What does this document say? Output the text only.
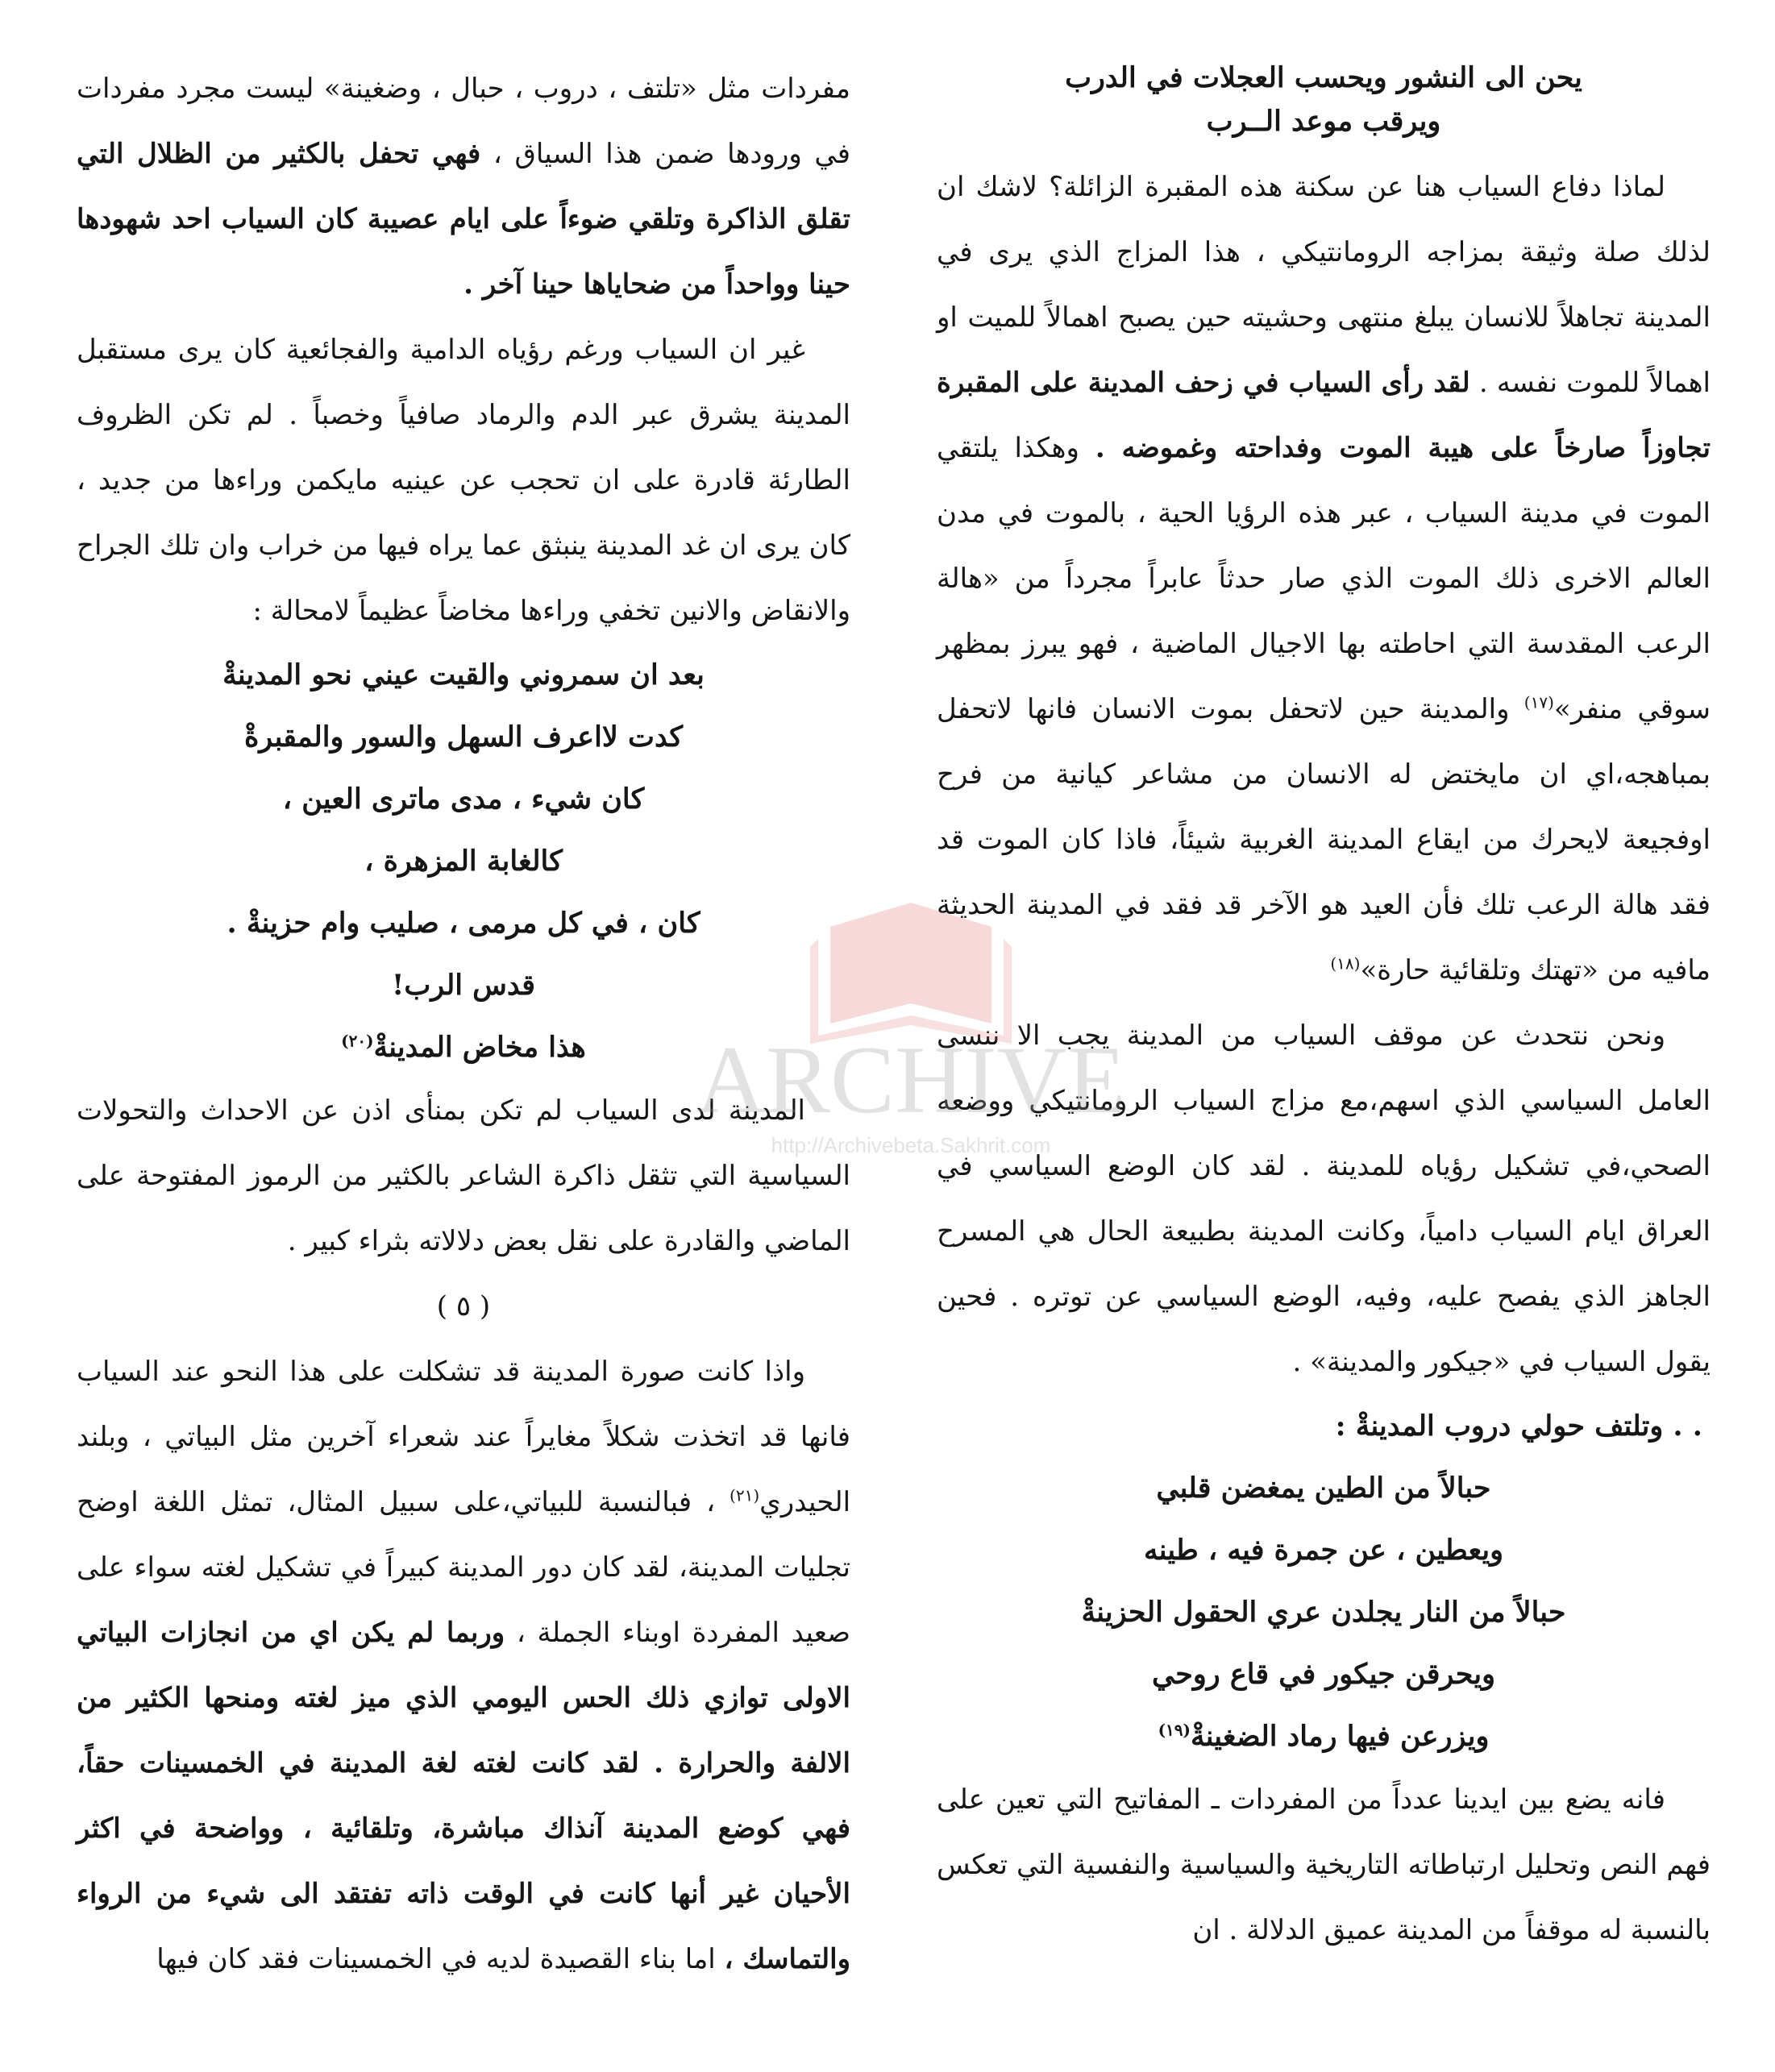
يحن الى النشور ويحسب العجلات في الدرب

ويرقب موعد الــرب

لماذا دفاع السياب هنا عن سكنة هذه المقبرة الزائلة؟ لاشك ان لذلك صلة وثيقة بمزاجه الرومانتيكي ، هذا المزاج الذي يرى في المدينة تجاهلاً للانسان يبلغ منتهى وحشيته حين يصبح اهمالاً للميت او اهمالاً للموت نفسه . لقد رأى السياب في زحف المدينة على المقبرة تجاوزاً صارخاً على هيبة الموت وفداحته وغموضه . وهكذا يلتقي الموت في مدينة السياب ، عبر هذه الرؤيا الحية ، بالموت في مدن العالم الاخرى ذلك الموت الذي صار حدثاً عابراً مجرداً من «هالة الرعب المقدسة التي احاطته بها الاجيال الماضية ، فهو يبرز بمظهر سوقي منفر»$^{(١٧)}$ والمدينة حين لاتحفل بموت الانسان فانها لاتحفل بمباهجه،اي ان مايختض له الانسان من مشاعر كيانية من فرح اوفجيعة لايحرك من ايقاع المدينة الغربية شيئاً، فاذا كان الموت قد فقد هالة الرعب تلك فأن العيد هو الآخر قد فقد في المدينة الحديثة مافيه من «تهتك وتلقائية حارة»$^{(١٨)}$

ونحن نتحدث عن موقف السياب من المدينة يجب الا ننسى العامل السياسي الذي اسهم،مع مزاج السياب الرومانتيكي ووضعه الصحي،في تشكيل رؤياه للمدينة . لقد كان الوضع السياسي في العراق ايام السياب دامياً، وكانت المدينة بطبيعة الحال هي المسرح الجاهز الذي يفصح عليه، وفيه، الوضع السياسي عن توتره . فحين يقول السياب في «جيكور والمدينة» .

. . وتلتف حولي دروب المدينةْ :

حبالاً من الطين يمغضن قلبي

ويعطين ، عن جمرة فيه ، طينه

حبالاً من النار يجلدن عري الحقول الحزينةْ

ويحرقن جيكور في قاع روحي

ويزرعن فيها رماد الضغينةْ$^{(١٩)}$

فانه يضع بين ايدينا عدداً من المفردات ـ المفاتيح التي تعين على فهم النص وتحليل ارتباطاته التاريخية والسياسية والنفسية التي تعكس بالنسبة له موقفاً من المدينة عميق الدلالة . ان

مفردات مثل «تلتف ، دروب ، حبال ، وضغينة» ليست مجرد مفردات في ورودها ضمن هذا السياق ، فهي تحفل بالكثير من الظلال التي تقلق الذاكرة وتلقي ضوءاً على ايام عصيبة كان السياب احد شهودها حينا وواحداً من ضحاياها حينا آخر .

غير ان السياب ورغم رؤياه الدامية والفجائعية كان يرى مستقبل المدينة يشرق عبر الدم والرماد صافياً وخصباً . لم تكن الظروف الطارئة قادرة على ان تحجب عن عينيه مايكمن وراءها من جديد ، كان يرى ان غد المدينة ينبثق عما يراه فيها من خراب وان تلك الجراح والانقاض والانين تخفي وراءها مخاضاً عظيماً لامحالة :

بعد ان سمروني والقيت عيني نحو المدينةْ

كدت لااعرف السهل والسور والمقبرةْ

كان شيء ، مدى ماترى العين ،

كالغابة المزهرة ،

كان ، في كل مرمى ، صليب وام حزينةْ .

قدس الرب!

هذا مخاض المدينةْ$^{(٢٠)}$

المدينة لدى السياب لم تكن بمنأى اذن عن الاحداث والتحولات السياسية التي تثقل ذاكرة الشاعر بالكثير من الرموز المفتوحة على الماضي والقادرة على نقل بعض دلالاته بثراء كبير .

( ٥ )

واذا كانت صورة المدينة قد تشكلت على هذا النحو عند السياب فانها قد اتخذت شكلاً مغايراً عند شعراء آخرين مثل البياتي ، وبلند الحيدري$^{(٢١)}$ ، فبالنسبة للبياتي،على سبيل المثال، تمثل اللغة اوضح تجليات المدينة، لقد كان دور المدينة كبيراً في تشكيل لغته سواء على صعيد المفردة اوبناء الجملة ، وربما لم يكن اي من انجازات البياتي الاولى توازي ذلك الحس اليومي الذي ميز لغته ومنحها الكثير من الالفة والحرارة . لقد كانت لغته لغة المدينة في الخمسينات حقاً، فهي كوضع المدينة آنذاك مباشرة، وتلقائية ، وواضحة في اكثر الأحيان غير أنها كانت في الوقت ذاته تفتقد الى شيء من الرواء والتماسك ، اما بناء القصيدة لديه في الخمسينات فقد كان فيها

ARCHIVE
http://Archivebeta.Sakhrit.com
